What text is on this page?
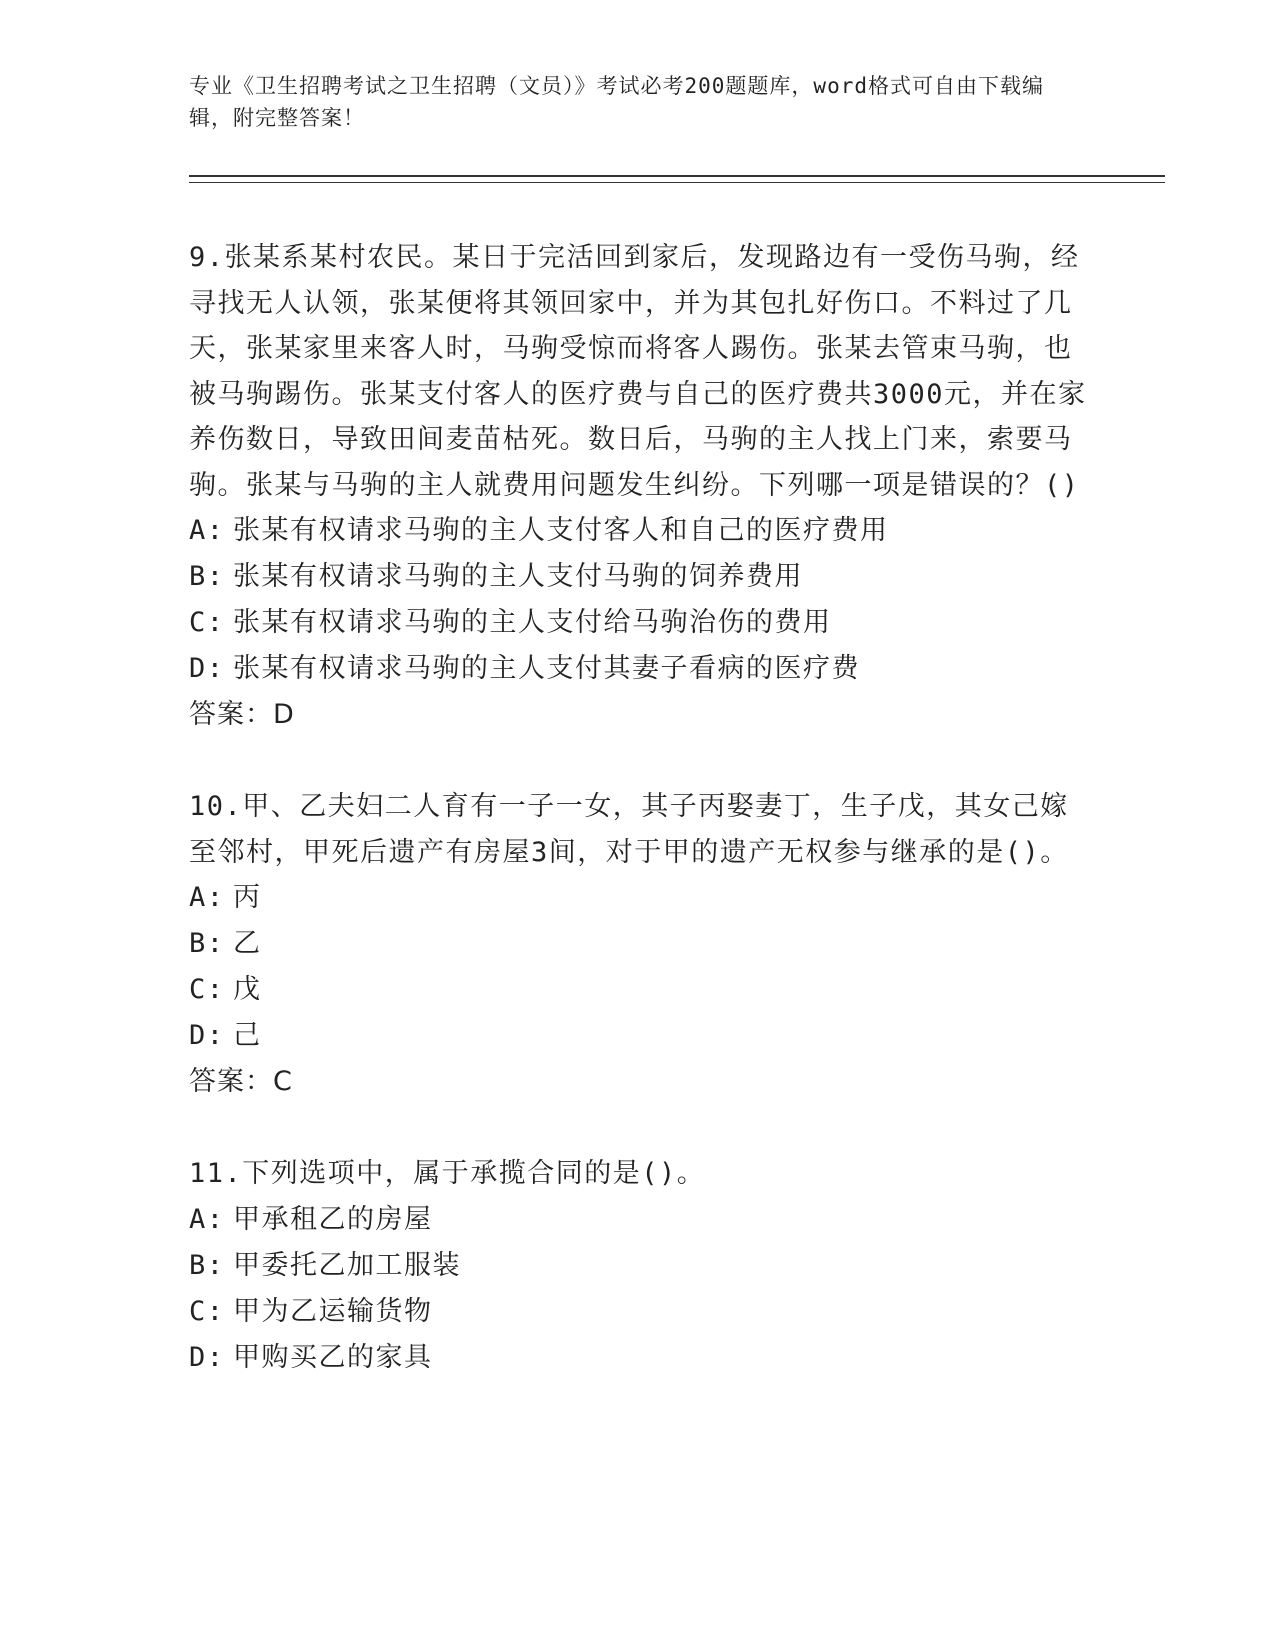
专业《卫生招聘考试之卫生招聘（文员）》考试必考200题题库，word格式可自由下载编辑，附完整答案！

9.张某系某村农民。某日于完活回到家后，发现路边有一受伤马驹，经寻找无人认领，张某便将其领回家中，并为其包扎好伤口。不料过了几天，张某家里来客人时，马驹受惊而将客人踢伤。张某去管束马驹，也被马驹踢伤。张某支付客人的医疗费与自己的医疗费共3000元，并在家养伤数日，导致田间麦苗枯死。数日后，马驹的主人找上门来，索要马驹。张某与马驹的主人就费用问题发生纠纷。下列哪一项是错误的？()

A: 张某有权请求马驹的主人支付客人和自己的医疗费用

B: 张某有权请求马驹的主人支付马驹的饲养费用

C: 张某有权请求马驹的主人支付给马驹治伤的费用

D: 张某有权请求马驹的主人支付其妻子看病的医疗费

答案：D

10.甲、乙夫妇二人育有一子一女，其子丙娶妻丁，生子戊，其女己嫁至邻村，甲死后遗产有房屋3间，对于甲的遗产无权参与继承的是()。

A: 丙

B: 乙

C: 戊

D: 己

答案：C

11.下列选项中，属于承揽合同的是()。

A: 甲承租乙的房屋

B: 甲委托乙加工服装

C: 甲为乙运输货物

D: 甲购买乙的家具
